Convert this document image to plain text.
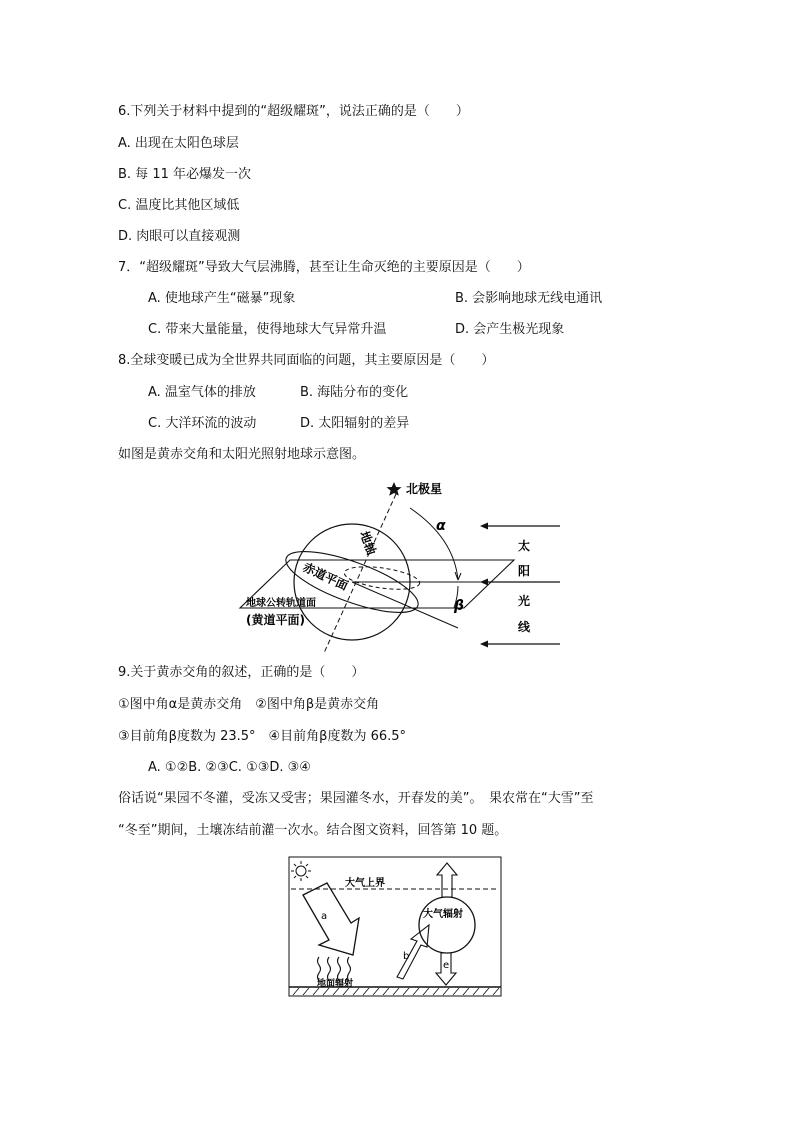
6.下列关于材料中提到的“超级耀斑”，说法正确的是（　　）
A. 出现在太阳色球层
B. 每 11 年必爆发一次
C. 温度比其他区域低
D. 肉眼可以直接观测
7．“超级耀斑”导致大气层沸腾，甚至让生命灭绝的主要原因是（　　）
A. 使地球产生“磁暴”现象	B. 会影响地球无线电通讯
C. 带来大量能量，使得地球大气异常升温	D. 会产生极光现象
8.全球变暖已成为全世界共同面临的问题，其主要原因是（　　）
A. 温室气体的排放	B. 海陆分布的变化
C. 大洋环流的波动	D. 太阳辐射的差异
如图是黄赤交角和太阳光照射地球示意图。
北极星
α
β
地轴
赤道平面
地球公转轨道面
(黄道平面)
太
阳
光
线
9.关于黄赤交角的叙述，正确的是（　　）
①图中角α是黄赤交角　②图中角β是黄赤交角
③目前角β度数为 23.5°　④目前角β度数为 66.5°
A. ①②B. ②③C. ①③D. ③④
俗话说“果园不冬灌，受冻又受害；果园灌冬水，开春发的美”。　果农常在“大雪”至
“冬至”期间，土壤冻结前灌一次水。结合图文资料，回答第 10 题。
大气上界
a
地面辐射
大气辐射
e
b
